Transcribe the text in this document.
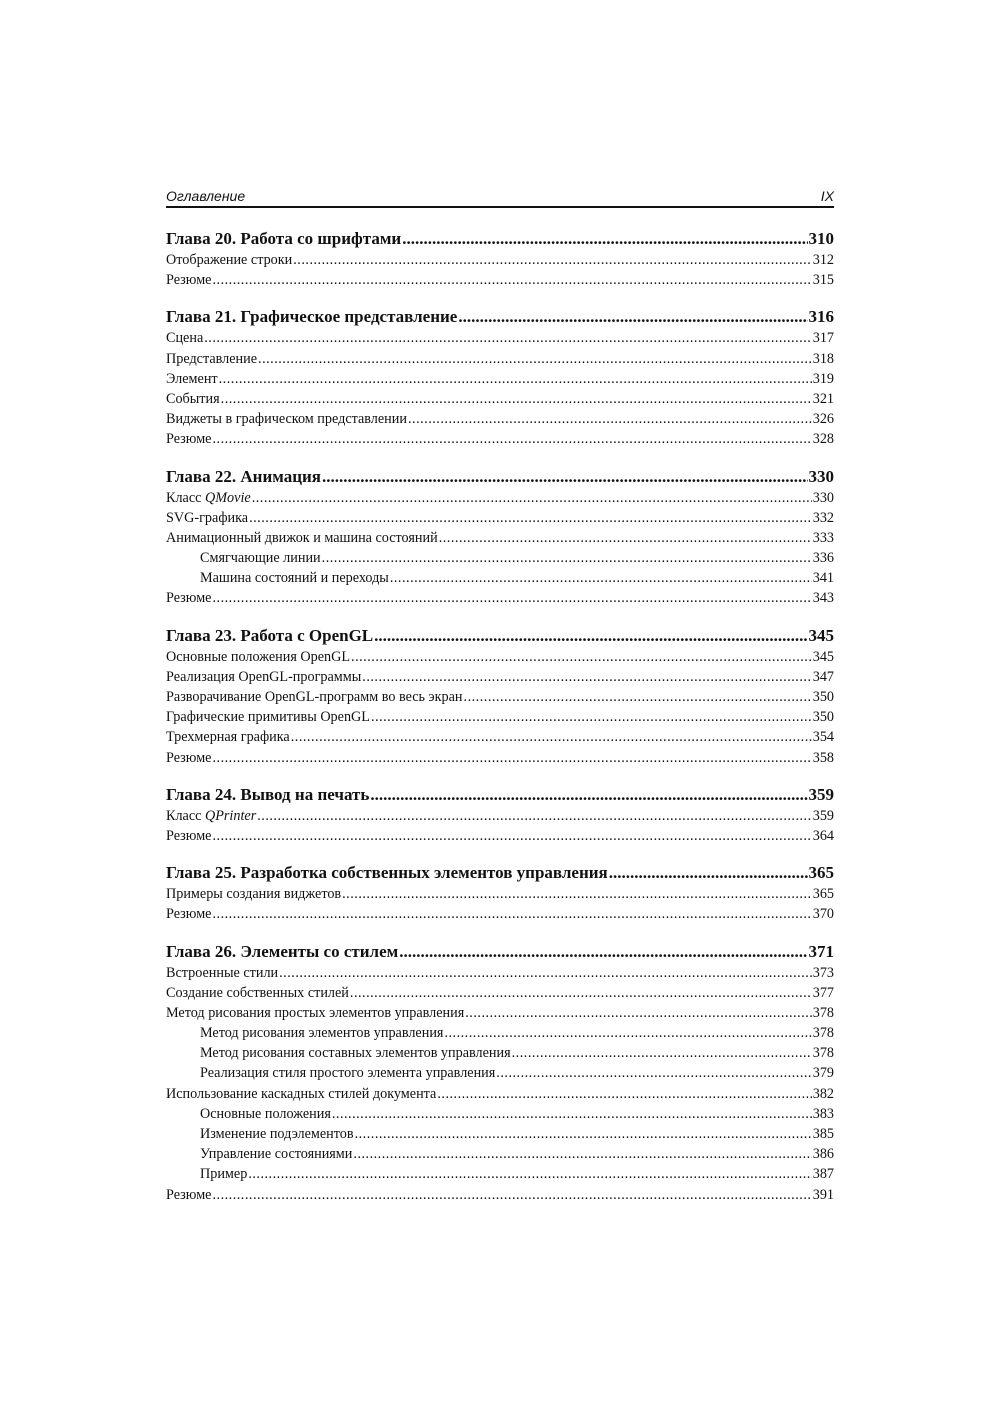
Оглавление	IX
Глава 20. Работа со шрифтами .....	310
Отображение строки .....	312
Резюме .....	315
Глава 21. Графическое представление .....	316
Сцена .....	317
Представление .....	318
Элемент .....	319
События .....	321
Виджеты в графическом представлении .....	326
Резюме .....	328
Глава 22. Анимация .....	330
Класс QMovie .....	330
SVG-графика .....	332
Анимационный движок и машина состояний .....	333
Смягчающие линии .....	336
Машина состояний и переходы .....	341
Резюме .....	343
Глава 23. Работа с OpenGL .....	345
Основные положения OpenGL .....	345
Реализация OpenGL-программы .....	347
Разворачивание OpenGL-программ во весь экран .....	350
Графические примитивы OpenGL .....	350
Трехмерная графика .....	354
Резюме .....	358
Глава 24. Вывод на печать .....	359
Класс QPrinter .....	359
Резюме .....	364
Глава 25. Разработка собственных элементов управления .....	365
Примеры создания виджетов .....	365
Резюме .....	370
Глава 26. Элементы со стилем .....	371
Встроенные стили .....	373
Создание собственных стилей .....	377
Метод рисования простых элементов управления .....	378
Метод рисования элементов управления .....	378
Метод рисования составных элементов управления .....	378
Реализация стиля простого элемента управления .....	379
Использование каскадных стилей документа .....	382
Основные положения .....	383
Изменение подэлементов .....	385
Управление состояниями .....	386
Пример .....	387
Резюме .....	391
